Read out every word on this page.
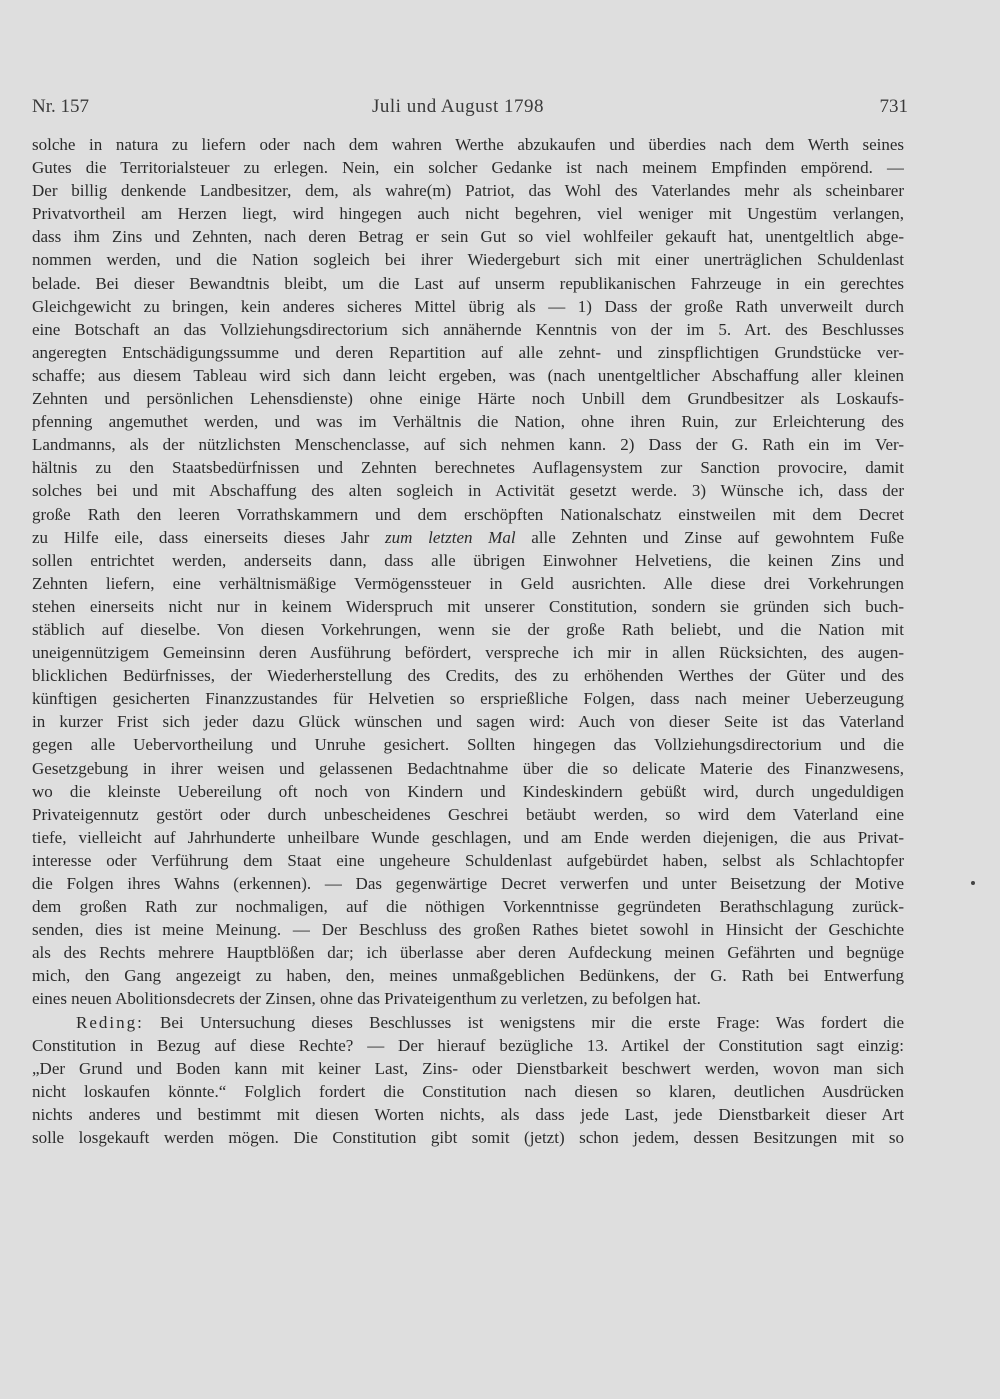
Nr. 157	Juli und August 1798	731
solche in natura zu liefern oder nach dem wahren Werthe abzukaufen und überdies nach dem Werth seines
Gutes die Territorialsteuer zu erlegen. Nein, ein solcher Gedanke ist nach meinem Empfinden empörend. —
Der billig denkende Landbesitzer, dem, als wahre(m) Patriot, das Wohl des Vaterlandes mehr als scheinbarer
Privatvortheil am Herzen liegt, wird hingegen auch nicht begehren, viel weniger mit Ungestüm verlangen,
dass ihm Zins und Zehnten, nach deren Betrag er sein Gut so viel wohlfeiler gekauft hat, unentgeltlich abge-
nommen werden, und die Nation sogleich bei ihrer Wiedergeburt sich mit einer unerträglichen Schuldenlast
belade. Bei dieser Bewandtnis bleibt, um die Last auf unserm republikanischen Fahrzeuge in ein gerechtes
Gleichgewicht zu bringen, kein anderes sicheres Mittel übrig als — 1) Dass der große Rath unverweilt durch
eine Botschaft an das Vollziehungsdirectorium sich annähernde Kenntnis von der im 5. Art. des Beschlusses
angeregten Entschädigungssumme und deren Repartition auf alle zehnt- und zinspflichtigen Grundstücke ver-
schaffe; aus diesem Tableau wird sich dann leicht ergeben, was (nach unentgeltlicher Abschaffung aller kleinen
Zehnten und persönlichen Lehensdienste) ohne einige Härte noch Unbill dem Grundbesitzer als Loskaufs-
pfenning angemuthet werden, und was im Verhältnis die Nation, ohne ihren Ruin, zur Erleichterung des
Landmanns, als der nützlichsten Menschenclasse, auf sich nehmen kann. 2) Dass der G. Rath ein im Ver-
hältnis zu den Staatsbedürfnissen und Zehnten berechnetes Auflagensystem zur Sanction provocire, damit
solches bei und mit Abschaffung des alten sogleich in Activität gesetzt werde. 3) Wünsche ich, dass der
große Rath den leeren Vorrathskammern und dem erschöpften Nationalschatz einstweilen mit dem Decret
zu Hilfe eile, dass einerseits dieses Jahr zum letzten Mal alle Zehnten und Zinse auf gewohntem Fuße
sollen entrichtet werden, anderseits dann, dass alle übrigen Einwohner Helvetiens, die keinen Zins und
Zehnten liefern, eine verhältnismäßige Vermögenssteuer in Geld ausrichten. Alle diese drei Vorkehrungen
stehen einerseits nicht nur in keinem Widerspruch mit unserer Constitution, sondern sie gründen sich buch-
stäblich auf dieselbe. Von diesen Vorkehrungen, wenn sie der große Rath beliebt, und die Nation mit
uneigennützigem Gemeinsinn deren Ausführung befördert, verspreche ich mir in allen Rücksichten, des augen-
blicklichen Bedürfnisses, der Wiederherstellung des Credits, des zu erhöhenden Werthes der Güter und des
künftigen gesicherten Finanzzustandes für Helvetien so ersprießliche Folgen, dass nach meiner Ueberzeugung
in kurzer Frist sich jeder dazu Glück wünschen und sagen wird: Auch von dieser Seite ist das Vaterland
gegen alle Uebervortheilung und Unruhe gesichert. Sollten hingegen das Vollziehungsdirectorium und die
Gesetzgebung in ihrer weisen und gelassenen Bedachtnahme über die so delicate Materie des Finanzwesens,
wo die kleinste Uebereilung oft noch von Kindern und Kindeskindern gebüßt wird, durch ungeduldigen
Privateigennutz gestört oder durch unbescheidenes Geschrei betäubt werden, so wird dem Vaterland eine
tiefe, vielleicht auf Jahrhunderte unheilbare Wunde geschlagen, und am Ende werden diejenigen, die aus Privat-
interesse oder Verführung dem Staat eine ungeheure Schuldenlast aufgebürdet haben, selbst als Schlachtopfer
die Folgen ihres Wahns (erkennen). — Das gegenwärtige Decret verwerfen und unter Beisetzung der Motive
dem großen Rath zur nochmaligen, auf die nöthigen Vorkenntnisse gegründeten Berathschlagung zurück-
senden, dies ist meine Meinung. — Der Beschluss des großen Rathes bietet sowohl in Hinsicht der Geschichte
als des Rechts mehrere Hauptblößen dar; ich überlasse aber deren Aufdeckung meinen Gefährten und begnüge
mich, den Gang angezeigt zu haben, den, meines unmaßgeblichen Bedünkens, der G. Rath bei Entwerfung
eines neuen Abolitionsdecrets der Zinsen, ohne das Privateigenthum zu verletzen, zu befolgen hat.
Reding: Bei Untersuchung dieses Beschlusses ist wenigstens mir die erste Frage: Was fordert die
Constitution in Bezug auf diese Rechte? — Der hierauf bezügliche 13. Artikel der Constitution sagt einzig:
„Der Grund und Boden kann mit keiner Last, Zins- oder Dienstbarkeit beschwert werden, wovon man sich
nicht loskaufen könnte.“ Folglich fordert die Constitution nach diesen so klaren, deutlichen Ausdrücken
nichts anderes und bestimmt mit diesen Worten nichts, als dass jede Last, jede Dienstbarkeit dieser Art
solle losgekauft werden mögen. Die Constitution gibt somit (jetzt) schon jedem, dessen Besitzungen mit so
